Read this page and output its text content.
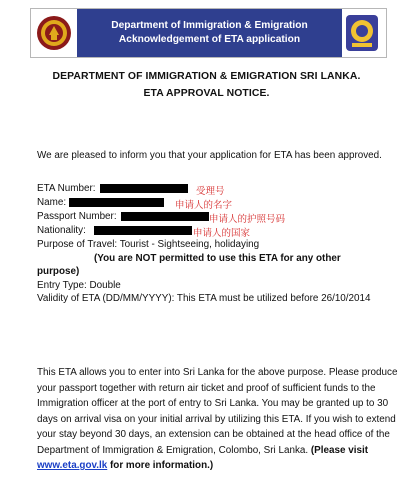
Department of Immigration & Emigration
Acknowledgement of ETA application
DEPARTMENT OF IMMIGRATION & EMIGRATION SRI LANKA.
ETA APPROVAL NOTICE.
We are pleased to inform you that your application for ETA has been approved.
ETA Number:	受理号
Name:	申请人的名字
Passport Number:	申请人的护照号码
Nationality:	申请人的国家
Purpose of Travel: Tourist - Sightseeing, holidaying
(You are NOT permitted to use this ETA for any other
purpose)
Entry Type: Double
Validity of ETA (DD/MM/YYYY): This ETA must be utilized before 26/10/2014
This ETA allows you to enter into Sri Lanka for the above purpose. Please produce your passport together with return air ticket and proof of sufficient funds to the Immigration officer at the port of entry to Sri Lanka. You may be granted up to 30 days on arrival visa on your initial arrival by utilizing this ETA. If you wish to extend your stay beyond 30 days, an extension can be obtained at the head office of the Department of Immigration & Emigration, Colombo, Sri Lanka. (Please visit www.eta.gov.lk for more information.)
